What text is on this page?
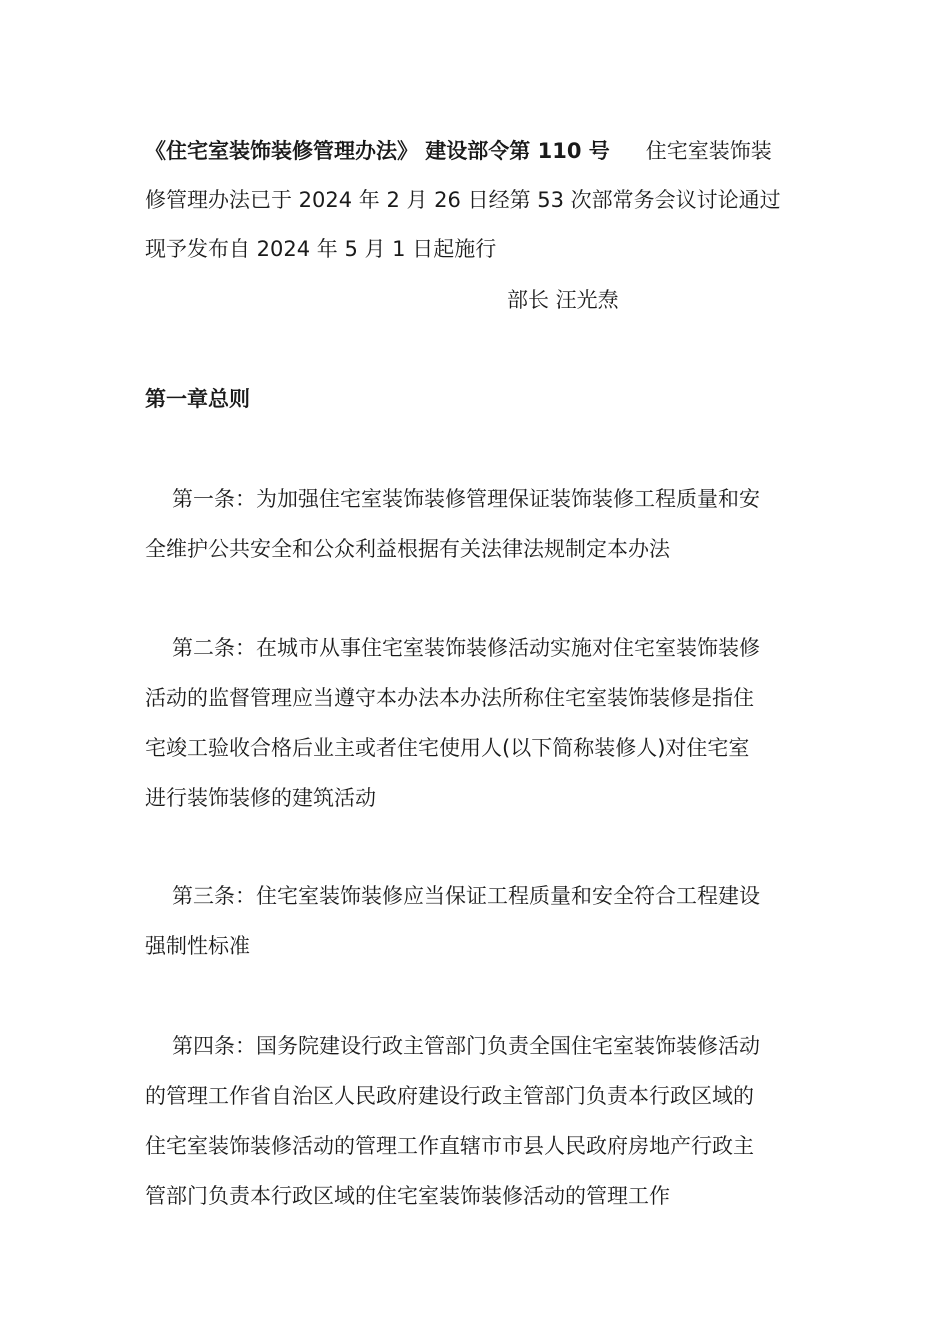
《住宅室装饰装修管理办法》 建设部令第 110 号 住宅室装饰装
修管理办法已于 2024 年 2 月 26 日经第 53 次部常务会议讨论通过
现予发布自 2024 年 5 月 1 日起施行
部长 汪光焘
第一章总则
第一条：为加强住宅室装饰装修管理保证装饰装修工程质量和安
全维护公共安全和公众利益根据有关法律法规制定本办法
第二条：在城市从事住宅室装饰装修活动实施对住宅室装饰装修
活动的监督管理应当遵守本办法本办法所称住宅室装饰装修是指住
宅竣工验收合格后业主或者住宅使用人(以下简称装修人)对住宅室
进行装饰装修的建筑活动
第三条：住宅室装饰装修应当保证工程质量和安全符合工程建设
强制性标准
第四条：国务院建设行政主管部门负责全国住宅室装饰装修活动
的管理工作省自治区人民政府建设行政主管部门负责本行政区域的
住宅室装饰装修活动的管理工作直辖市市县人民政府房地产行政主
管部门负责本行政区域的住宅室装饰装修活动的管理工作
